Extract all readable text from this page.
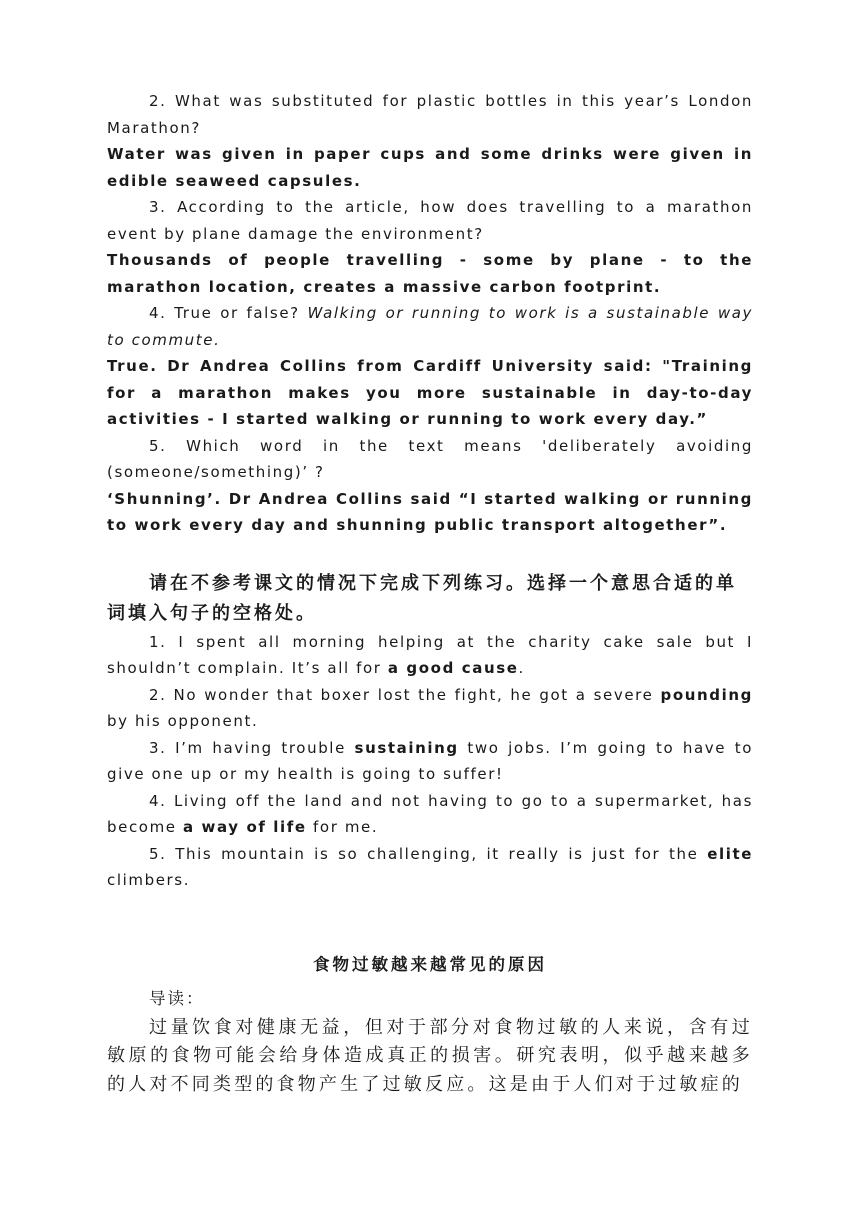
2. What was substituted for plastic bottles in this year’s London Marathon?

Water was given in paper cups and some drinks were given in edible seaweed capsules.

3. According to the article, how does travelling to a marathon event by plane damage the environment?

Thousands of people travelling - some by plane - to the marathon location, creates a massive carbon footprint.

4. True or false? Walking or running to work is a sustainable way to commute.

True. Dr Andrea Collins from Cardiff University said: "Training for a marathon makes you more sustainable in day-to-day activities - I started walking or running to work every day.”

5. Which word in the text means 'deliberately avoiding (someone/something)’ ?

‘Shunning’. Dr Andrea Collins said “I started walking or running to work every day and shunning public transport altogether”.

请在不参考课文的情况下完成下列练习。选择一个意思合适的单词填入句子的空格处。

1. I spent all morning helping at the charity cake sale but I shouldn’t complain. It’s all for a good cause.

2. No wonder that boxer lost the fight, he got a severe pounding by his opponent.

3. I’m having trouble sustaining two jobs. I’m going to have to give one up or my health is going to suffer!

4. Living off the land and not having to go to a supermarket, has become a way of life for me.

5. This mountain is so challenging, it really is just for the elite climbers.

食物过敏越来越常见的原因

导读：

过量饮食对健康无益，但对于部分对食物过敏的人来说，含有过敏原的食物可能会给身体造成真正的损害。研究表明，似乎越来越多的人对不同类型的食物产生了过敏反应。这是由于人们对于过敏症的
